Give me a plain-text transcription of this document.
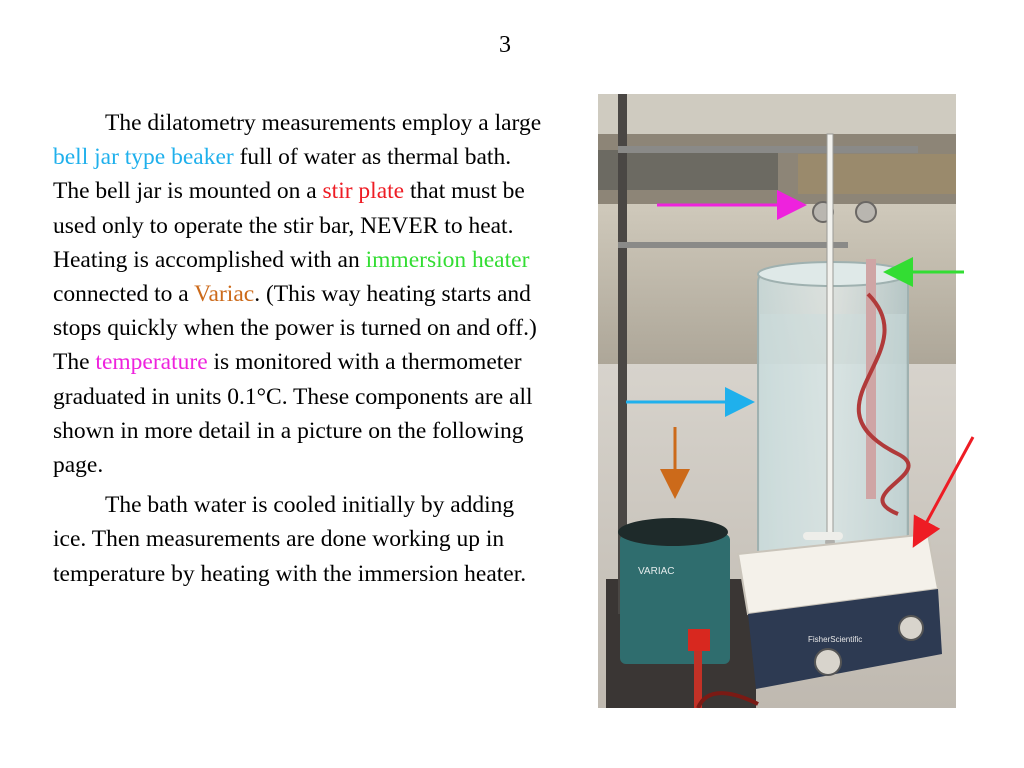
3

The dilatometry measurements employ a large bell jar type beaker full of water as thermal bath. The bell jar is mounted on a stir plate that must be used only to operate the stir bar, NEVER to heat. Heating is accomplished with an immersion heater connected to a Variac. (This way heating starts and stops quickly when the power is turned on and off.) The temperature is monitored with a thermometer graduated in units 0.1°C. These components are all shown in more detail in a picture on the following page.

The bath water is cooled initially by adding ice. Then measurements are done working up in temperature by heating with the immersion heater.

FisherScientific
VARIAC
